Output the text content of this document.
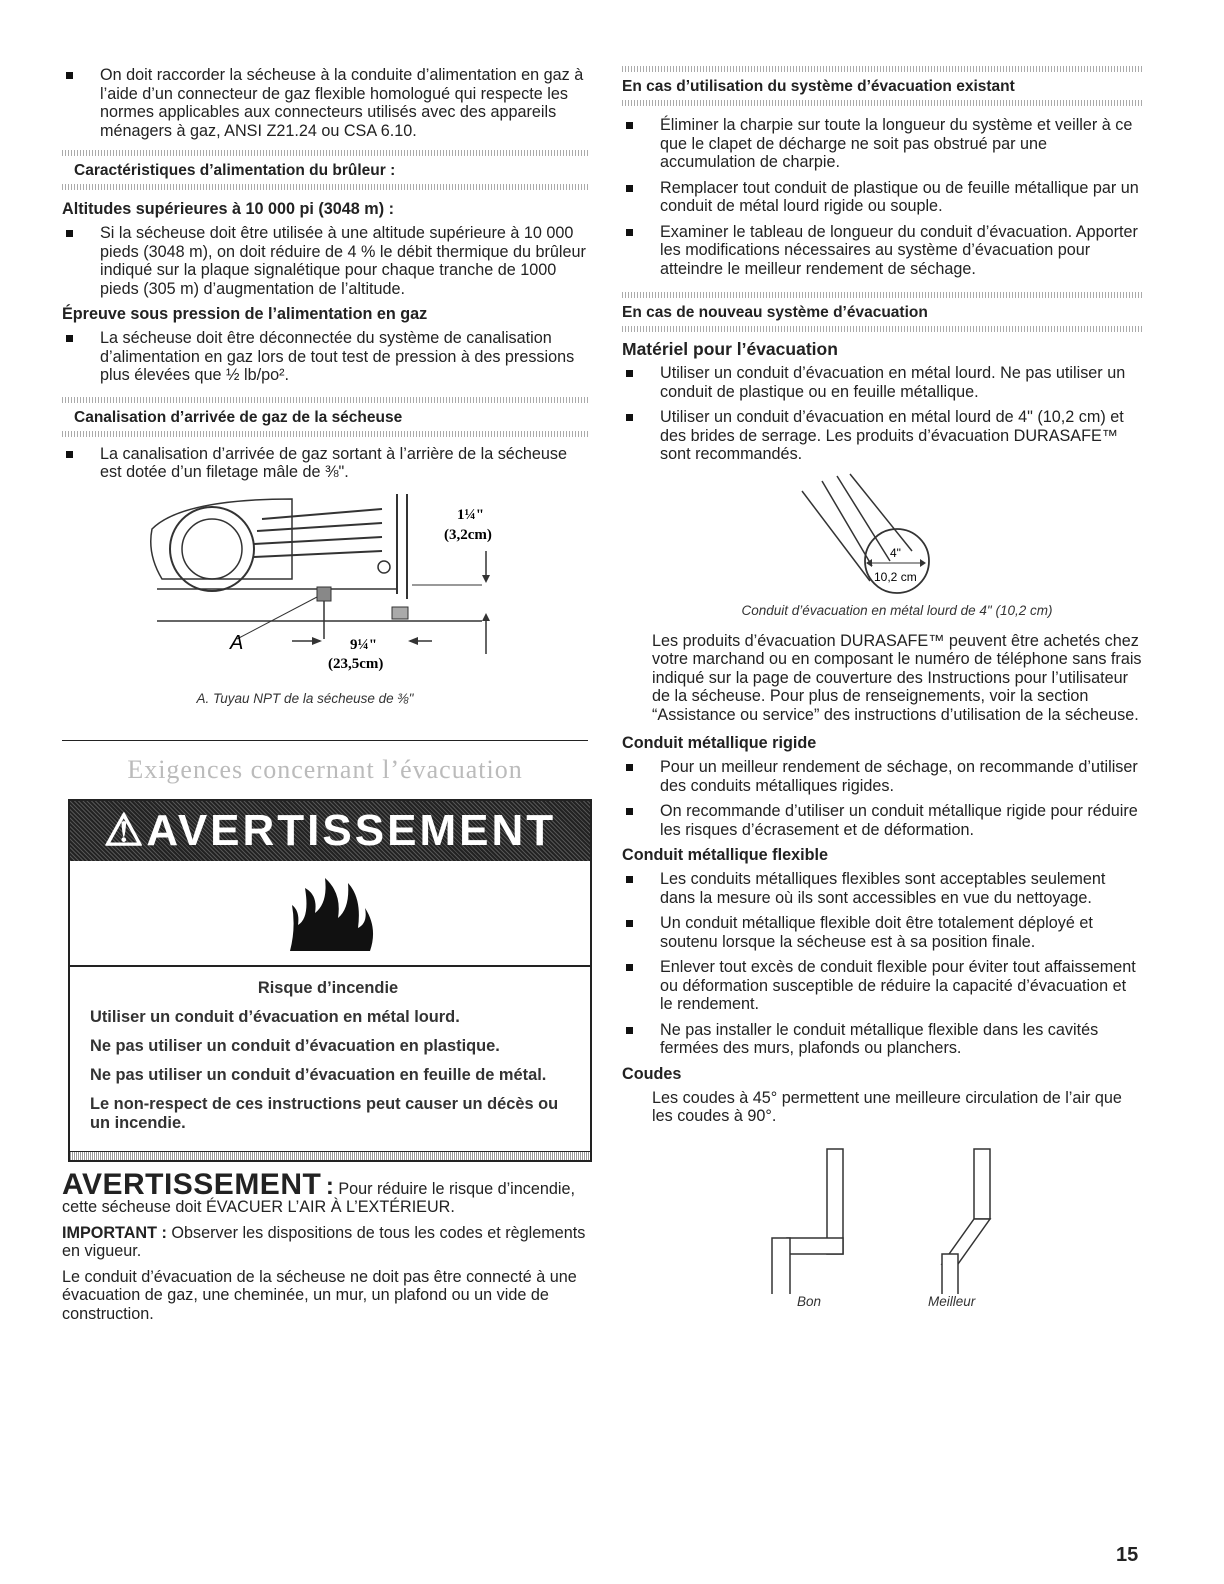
On doit raccorder la sécheuse à la conduite d’alimentation en gaz à l’aide d’un connecteur de gaz flexible homologué qui respecte les normes applicables aux connecteurs utilisés avec des appareils ménagers à gaz, ANSI Z21.24 ou CSA 6.10.

Caractéristiques d’alimentation du brûleur :

Altitudes supérieures à 10 000 pi (3048 m) :

Si la sécheuse doit être utilisée à une altitude supérieure à 10 000 pieds (3048 m), on doit réduire de 4 % le débit thermique du brûleur indiqué sur la plaque signalétique pour chaque tranche de 1000 pieds (305 m) d’augmentation de l’altitude.

Épreuve sous pression de l’alimentation en gaz

La sécheuse doit être déconnectée du système de canalisation d’alimentation en gaz lors de tout test de pression à des pressions plus élevées que ½ lb/po².

Canalisation d’arrivée de gaz de la sécheuse

La canalisation d’arrivée de gaz sortant à l’arrière de la sécheuse est dotée d’un filetage mâle de ⅜".

1¼"
(3,2cm)
9¼"
(23,5cm)
A

A. Tuyau NPT de la sécheuse de ⅜"

Exigences concernant l’évacuation

⚠AVERTISSEMENT

Risque d’incendie

Utiliser un conduit d’évacuation en métal lourd.

Ne pas utiliser un conduit d’évacuation en plastique.

Ne pas utiliser un conduit d’évacuation en feuille de métal.

Le non-respect de ces instructions peut causer un décès ou un incendie.

AVERTISSEMENT : Pour réduire le risque d’incendie, cette sécheuse doit ÉVACUER L’AIR À L’EXTÉRIEUR.

IMPORTANT : Observer les dispositions de tous les codes et règlements en vigueur.

Le conduit d’évacuation de la sécheuse ne doit pas être connecté à une évacuation de gaz, une cheminée, un mur, un plafond ou un vide de construction.

En cas d’utilisation du système d’évacuation existant

Éliminer la charpie sur toute la longueur du système et veiller à ce que le clapet de décharge ne soit pas obstrué par une accumulation de charpie.

Remplacer tout conduit de plastique ou de feuille métallique par un conduit de métal lourd rigide ou souple.

Examiner le tableau de longueur du conduit d’évacuation. Apporter les modifications nécessaires au système d’évacuation pour atteindre le meilleur rendement de séchage.

En cas de nouveau système d’évacuation

Matériel pour l’évacuation

Utiliser un conduit d’évacuation en métal lourd. Ne pas utiliser un conduit de plastique ou en feuille métallique.

Utiliser un conduit d’évacuation en métal lourd de 4" (10,2 cm) et des brides de serrage. Les produits d’évacuation DURASAFE™ sont recommandés.

4"
10,2 cm

Conduit d’évacuation en métal lourd de 4" (10,2 cm)

Les produits d’évacuation DURASAFE™ peuvent être achetés chez votre marchand ou en composant le numéro de téléphone sans frais indiqué sur la page de couverture des Instructions pour l’utilisateur de la sécheuse. Pour plus de renseignements, voir la section “Assistance ou service” des instructions d’utilisation de la sécheuse.

Conduit métallique rigide

Pour un meilleur rendement de séchage, on recommande d’utiliser des conduits métalliques rigides.

On recommande d’utiliser un conduit métallique rigide pour réduire les risques d’écrasement et de déformation.

Conduit métallique flexible

Les conduits métalliques flexibles sont acceptables seulement dans la mesure où ils sont accessibles en vue du nettoyage.

Un conduit métallique flexible doit être totalement déployé et soutenu lorsque la sécheuse est à sa position finale.

Enlever tout excès de conduit flexible pour éviter tout affaissement ou déformation susceptible de réduire la capacité d’évacuation et le rendement.

Ne pas installer le conduit métallique flexible dans les cavités fermées des murs, plafonds ou planchers.

Coudes

Les coudes à 45° permettent une meilleure circulation de l’air que les coudes à 90°.

Bon	Meilleur
15
